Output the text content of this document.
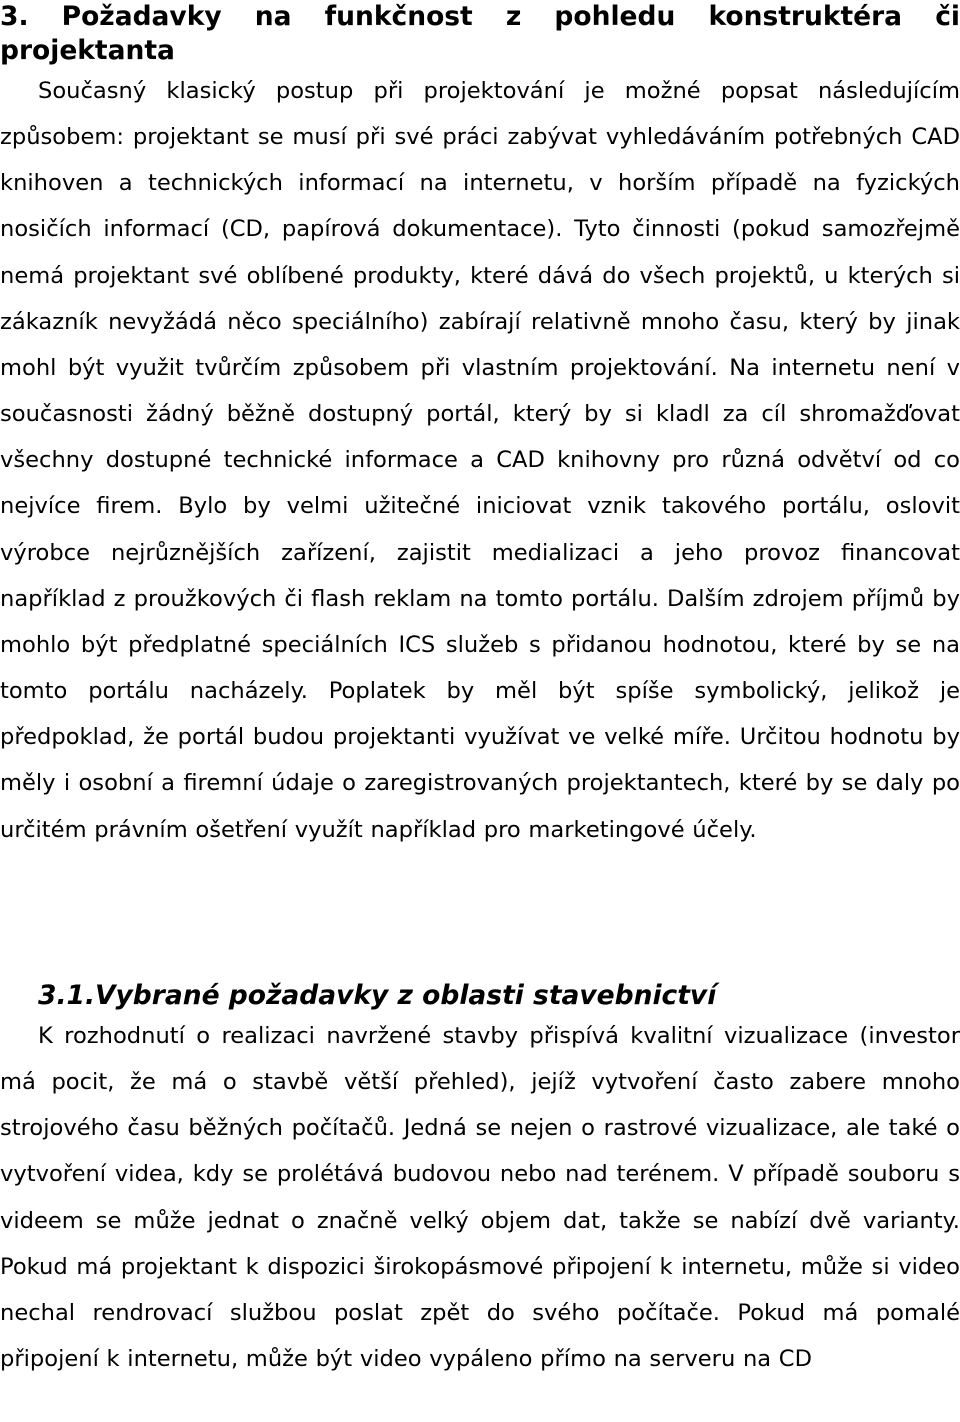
3. Požadavky na funkčnost z pohledu konstruktéra či projektanta

Současný klasický postup při projektování je možné popsat následujícím způsobem: projektant se musí při své práci zabývat vyhledáváním potřebných CAD knihoven a technických informací na internetu, v horším případě na fyzických nosičích informací (CD, papírová dokumentace). Tyto činnosti (pokud samozřejmě nemá projektant své oblíbené produkty, které dává do všech projektů, u kterých si zákazník nevyžádá něco speciálního) zabírají relativně mnoho času, který by jinak mohl být využit tvůrčím způsobem při vlastním projektování. Na internetu není v současnosti žádný běžně dostupný portál, který by si kladl za cíl shromažďovat všechny dostupné technické informace a CAD knihovny pro různá odvětví od co nejvíce firem. Bylo by velmi užitečné iniciovat vznik takového portálu, oslovit výrobce nejrůznějších zařízení, zajistit medializaci a jeho provoz financovat například z proužkových či flash reklam na tomto portálu. Dalším zdrojem příjmů by mohlo být předplatné speciálních ICS služeb s přidanou hodnotou, které by se na tomto portálu nacházely. Poplatek by měl být spíše symbolický, jelikož je předpoklad, že portál budou projektanti využívat ve velké míře. Určitou hodnotu by měly i osobní a firemní údaje o zaregistrovaných projektantech, které by se daly po určitém právním ošetření využít například pro marketingové účely.

3.1.Vybrané požadavky z oblasti stavebnictví

K rozhodnutí o realizaci navržené stavby přispívá kvalitní vizualizace (investor má pocit, že má o stavbě větší přehled), jejíž vytvoření často zabere mnoho strojového času běžných počítačů. Jedná se nejen o rastrové vizualizace, ale také o vytvoření videa, kdy se prolétává budovou nebo nad terénem. V případě souboru s videem se může jednat o značně velký objem dat, takže se nabízí dvě varianty. Pokud má projektant k dispozici širokopásmové připojení k internetu, může si video nechal rendrovací službou poslat zpět do svého počítače. Pokud má pomalé připojení k internetu, může být video vypáleno přímo na serveru na CD
